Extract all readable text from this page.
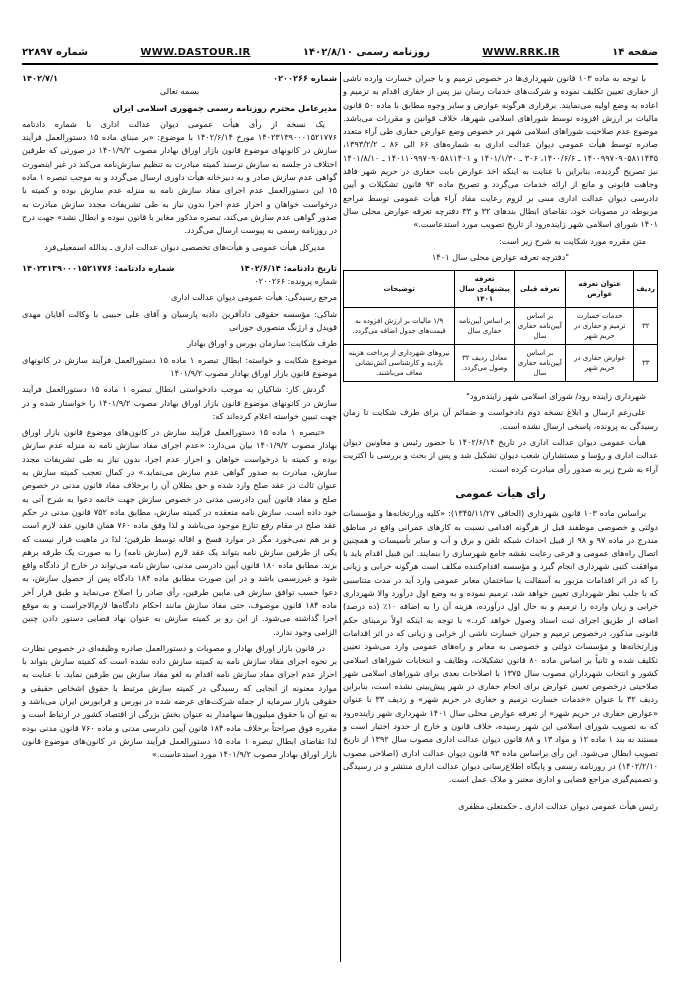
صفحه ۱۴
WWW.RRK.IR
روزنامه رسمی ۱۴۰۲/۸/۱۰
WWW.DASTOUR.IR
شماره ۲۲۸۹۷

با توجه به ماده ۱۰۳ قانون شهرداری‌ها در خصوص ترمیم و یا جبران خسارت وارده ناشی از حفاری تعیین تکلیف نموده و شرکت‌های خدمات رسان نیز پس از حفاری اقدام به ترمیم و اعاده به وضع اولیه می‌نمایند. برقراری هرگونه عوارض و سایر وجوه مطابق با ماده ۵۰ قانون مالیات بر ارزش افزوده توسط شوراهای اسلامی شهرها، خلاف قوانین و مقررات می‌باشد. موضوع عدم صلاحیت شوراهای اسلامی شهر در خصوص وضع عوارض حفاری طی آراء متعدد صادره توسط هیأت عمومی دیوان عدالت اداری به شماره‌های ۶۶ الی ۸۶ ـ ۱۳۹۳/۲/۲، ۱۴۰۰۹۹۷۰۹۰۵۸۱۱۴۴۵ ـ ۱۴۰۰/۶/۶، ۳۰۶ ـ ۱۴۰۱/۱/۳۰ و ۱۴۰۱۱۰۹۹۷۰۹۰۵۸۱۱۴۰۱ ـ ۱۴۰۱/۸/۱۰ نیز تصریح گردیده، بنابراین با عنایت به اینکه اخذ عوارض بابت حفاری در حریم شهر فاقد وجاهت قانونی و مانع از ارائه خدمات می‌گردد و تصریح ماده ۹۲ قانون تشکیلات و آیین دادرسی دیوان عدالت اداری مبنی بر لزوم رعایت مفاد آراء هیأت عمومی توسط مراجع مربوطه در مصوبات خود، تقاضای ابطال بندهای ۳۲ و ۳۳ دفترچه تعرفه عوارض محلی سال ۱۴۰۱ شورای اسلامی شهر زاینده‌رود از تاریخ تصویب مورد استدعاست.»

متن مقرره مورد شکایت به شرح زیر است:

"دفترچه تعرفه عوارض محلی سال ۱۴۰۱

ردیف	عنوان تعرفه عوارض	تعرفه قبلی	تعرفه پیشنهادی سال ۱۴۰۱	توضیحات
۳۲	خدمات خسارت ترمیم و حفاری در حریم شهر	بر اساس آیین‌نامه حفاری سال	بر اساس آیین‌نامه حفاری سال	۱/۹ مالیات بر ارزش افزوده به قیمت‌های جدول اضافه می‌گردد.
۳۳	عوارض حفاری در حریم شهر	بر اساس آیین‌نامه حفاری سال	معادل ردیف ۳۲ وصول می‌گردد.	نیروهای شهرداری از پرداخت هزینه بازدید و کارشناسی آتش‌نشانی معاف می‌باشند.

شهرداری زاینده رود/ شورای اسلامی شهر زاینده‌رود"

علی‌رغم ارسال و ابلاغ نسخه دوم دادخواست و ضمائم آن برای طرف شکایت تا زمان رسیدگی به پرونده، پاسخی ارسال نشده است.

هیأت عمومی دیوان عدالت اداری در تاریخ ۱۴۰۲/۶/۱۴ با حضور رئیس و معاونین دیوان عدالت اداری و رؤسا و مستشاران شعب دیوان تشکیل شد و پس از بحث و بررسی با اکثریت آراء به شرح زیر به صدور رأی مبادرت کرده است.

رأی هیأت عمومی

براساس ماده ۱۰۳ قانون شهرداری (الحاقی ۱۳۴۵/۱۱/۲۷): «کلیه وزارتخانه‌ها و مؤسسات دولتی و خصوصی موظفند قبل از هرگونه اقدامی نسبت به کارهای عمرانی واقع در مناطق مندرج در ماده ۹۷ و ۹۸ از قبیل احداث شبکه تلفن و برق و آب و سایر تأسیسات و همچنین اتصال راه‌های عمومی و فرعی رعایت نقشه جامع شهرسازی را بنمایند. این قبیل اقدام باید با موافقت کتبی شهرداری انجام گیرد و مؤسسه اقدام‌کننده مکلف است هرگونه خرابی و زیانی را که در اثر اقدامات مزبور به آسفالت یا ساختمان معابر عمومی وارد آید در مدت متناسبی که با جلب نظر شهرداری تعیین خواهد شد، ترمیم نموده و به وضع اول درآورد والا شهرداری خرابی و زیان وارده را ترمیم و به حال اول درآورده، هزینه آن را به اضافه ۱۰٪ (ده درصد) اضافه از طریق اجرای ثبت اسناد وصول خواهد کرد.» با توجه به اینکه اولاً برمبنای حکم قانونی مذکور، درخصوص ترمیم و جبران خسارت ناشی از خرابی و زیانی که در اثر اقدامات وزارتخانه‌ها و مؤسسات دولتی و خصوصی به معابر و راه‌های عمومی وارد می‌شود تعیین تکلیف شده و ثانیاً بر اساس ماده ۸۰ قانون تشکیلات، وظایف و انتخابات شوراهای اسلامی کشور و انتخاب شهرداران مصوب سال ۱۳۷۵ با اصلاحات بعدی برای شوراهای اسلامی شهر صلاحیتی درخصوص تعیین عوارض برای انجام حفاری در شهر پیش‌بینی نشده است، بنابراین ردیف ۳۲ با عنوان «خدمات خسارت ترمیم و حفاری در حریم شهر» و ردیف ۳۳ با عنوان «عوارض حفاری در حریم شهر» از تعرفه عوارض محلی سال ۱۴۰۱ شهرداری شهر زاینده‌رود که به تصویب شورای اسلامی این شهر رسیده، خلاف قانون و خارج از حدود اختیار است و مستند به بند ۱ ماده ۱۲ و مواد ۱۳ و ۸۸ قانون دیوان عدالت اداری مصوب سال ۱۳۹۲ از تاریخ تصویب ابطال می‌شود. این رأی براساس ماده ۹۳ قانون دیوان عدالت اداری (اصلاحی مصوب ۱۴۰۲/۲/۱۰) در روزنامه رسمی و پایگاه اطلاع‌رسانی دیوان عدالت اداری منتشر و در رسیدگی و تصمیم‌گیری مراجع قضایی و اداری معتبر و ملاک عمل است.

رئیس هیأت عمومی دیوان عدالت اداری ـ حکمتعلی مظفری

شماره ۰۲۰۰۲۶۶
۱۴۰۲/۷/۱

بسمه تعالی

مدیرعامل محترم روزنامه رسمی جمهوری اسلامی ایران

یک نسخه از رأی هیأت عمومی دیوان عدالت اداری با شماره دادنامه ۱۴۰۲۳۱۳۹۰۰۰۱۵۲۱۷۷۶ مورخ ۱۴۰۲/۶/۱۴ با موضوع: «بر مبنای ماده ۱۵ دستورالعمل فرآیند سازش در کانونهای موضوع قانون بازار اوراق بهادار مصوب ۱۴۰۱/۹/۲ در صورتی که طرفین اختلاف در جلسه به سازش نرسند کمیته مبادرت به تنظیم سازش‌نامه می‌کند در غیر اینصورت گواهی عدم سازش صادر و به دبیرخانه هیأت داوری ارسال می‌گردد و به موجب تبصره ۱ ماده ۱۵ این دستورالعمل عدم اجرای مفاد سازش نامه به منزله عدم سازش بوده و کمیته با درخواست خواهان و احراز عدم اجرا بدون نیاز به طی تشریفات مجدد سازش مبادرت به صدور گواهی عدم سازش می‌کند، تبصره مذکور مغایر با قانون نبوده و ابطال نشد» جهت درج در روزنامه رسمی به پیوست ارسال می‌گردد.

مدیرکل هیأت عمومی و هیأت‌های تخصصی دیوان عدالت اداری ـ یدالله اسمعیلی‌فرد

تاریخ دادنامه: ۱۴۰۲/۶/۱۴
شماره دادنامه: ۱۴۰۲۳۱۳۹۰۰۰۱۵۲۱۷۷۶

شماره پرونده: ۰۲۰۰۲۶۶

مرجع رسیدگی: هیأت عمومی دیوان عدالت اداری

شاکی: مؤسسه حقوقی دادآفرین دادبه پارسیان و آقای علی حبیبی با وکالت آقایان مهدی قویدل و ارژنگ منصوری جوزانی

طرف شکایت: سازمان بورس و اوراق بهادار

موضوع شکایت و خواسته: ابطال تبصره ۱ ماده ۱۵ دستورالعمل فرآیند سازش در کانونهای موضوع قانون بازار اوراق بهادار مصوب ۱۴۰۱/۹/۲

گردش کار: شاکیان به موجب دادخواستی ابطال تبصره ۱ ماده ۱۵ دستورالعمل فرآیند سازش در کانونهای موضوع قانون بازار اوراق بهادار مصوب ۱۴۰۱/۹/۲ را خواستار شده و در جهت تبیین خواسته اعلام کرده‌اند که:

«تبصره ۱ ماده ۱۵ دستورالعمل فرآیند سازش در کانون‌های موضوع قانون بازار اوراق بهادار مصوب ۱۴۰۱/۹/۲ بیان می‌دارد: «عدم اجرای مفاد سازش نامه به منزله عدم سازش بوده و کمیته با درخواست خواهان و احراز عدم اجرا، بدون نیاز به طی تشریفات مجدد سازش، مبادرت به صدور گواهی عدم سازش می‌نماید.» در کمال تعجب کمیته سازش به عنوان ثالث در عقد صلح وارد شده و حق بطلان آن را برخلاف مفاد قانون مدنی در خصوص صلح و مفاد قانون آیین دادرسی مدنی در خصوص سازش جهت خاتمه دعوا به شرح آتی به خود داده است. سازش نامه منعقده در کمیته سازش، مطابق ماده ۷۵۲ قانون مدنی در حکم عقد صلح در مقام رفع تنازع موجود می‌باشد و لذا وفق ماده ۷۶۰ همان قانون عقد لازم است و بر هم نمی‌خورد مگر در موارد فسخ و اقاله توسط طرفین؛ لذا در ماهیت قرار نیست که یکی از طرفین سازش نامه بتواند یک عقد لازم (سازش نامه) را به صورت یک طرفه برهم بزند. مطابق ماده ۱۸۰ قانون آیین دادرسی مدنی، سازش نامه می‌تواند در خارج از دادگاه واقع شود و غیررسمی باشد و در این صورت مطابق ماده ۱۸۴ دادگاه پس از حصول سازش، به دعوا حسب توافق سازش فی مابین طرفین، رأی صادر را اصلاح می‌نماید و طبق قرار آخر ماده ۱۸۴ قانون موصوف، حتی مفاد سازش مانند احکام دادگاه‌ها لازم‌الاجراست و به موقع اجرا گذاشته می‌شود. از این رو بر کمیته سازش به عنوان نهاد قضایی دستور دادن چنین الزامی وجود ندارد.

در قانون بازار اوراق بهادار و مصوبات و دستورالعمل صادره وظیفه‌ای در خصوص نظارت بر نحوه اجرای مفاد سازش نامه به کمیته سازش داده نشده است که کمیته سازش بتواند با احراز عدم اجرای مفاد سازش نامه اقدام به لغو مفاد سازش بین طرفین نماید. با عنایت به موارد معنونه از آنجایی که رسیدگی در کمیته سازش مرتبط با حقوق اشخاص حقیقی و حقوقی بازار سرمایه از جمله شرکت‌های عرضه شده در بورس و فرابورس ایران می‌باشد و به تبع آن با حقوق میلیون‌ها سهامدار به عنوان بخش بزرگی از اقتصاد کشور در ارتباط است و مقرره فوق صراحتاً برخلاف ماده ۱۸۴ قانون آیین دادرسی مدنی و ماده ۷۶۰ قانون مدنی بوده لذا تقاضای ابطال تبصره ۱ ماده ۱۵ دستورالعمل فرآیند سازش در کانون‌های موضوع قانون بازار اوراق بهادار مصوب ۱۴۰۱/۹/۲ مورد استدعاست.»
